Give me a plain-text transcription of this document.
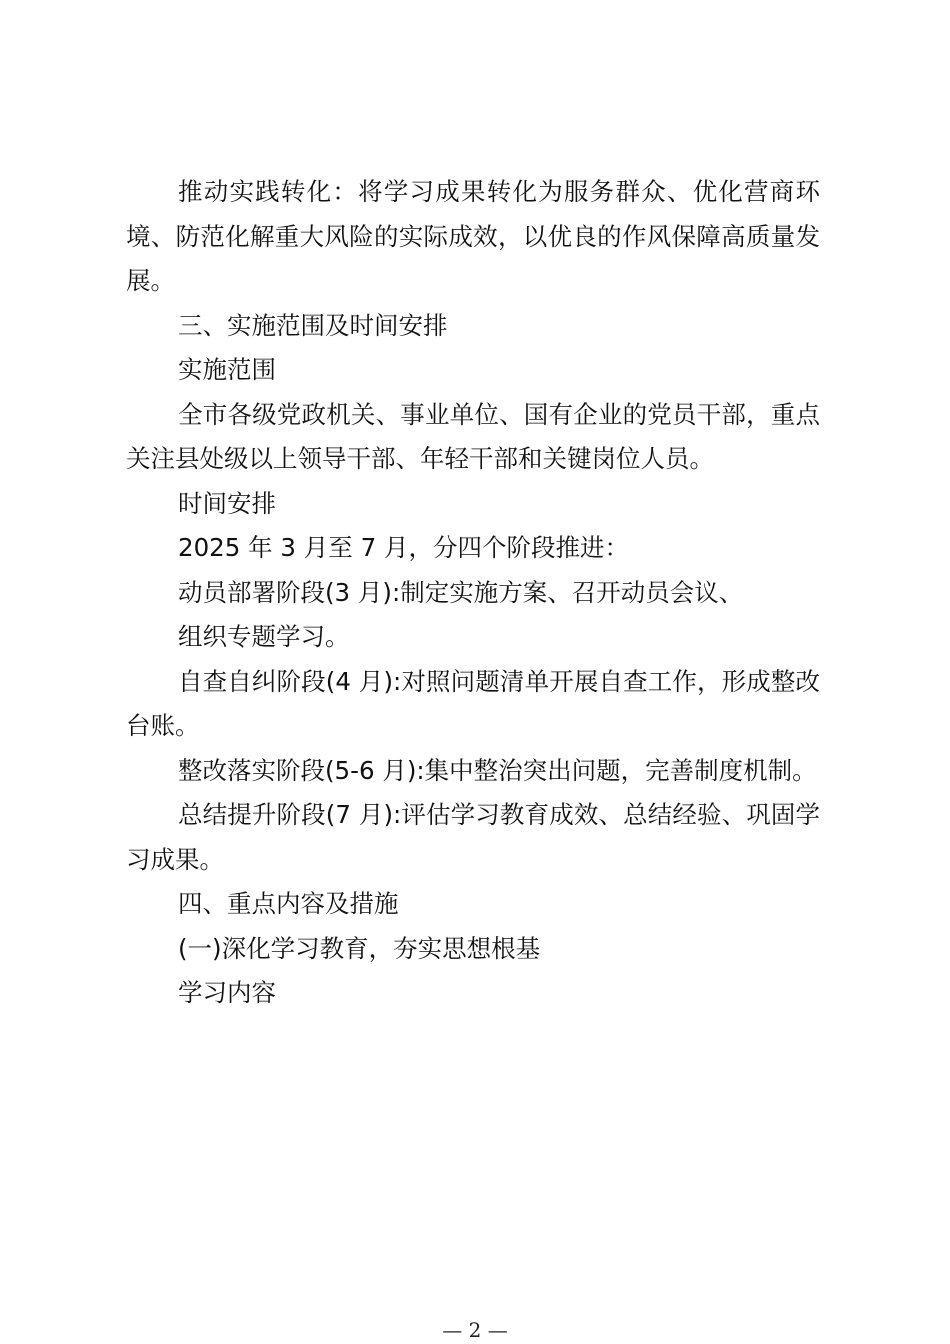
推动实践转化：将学习成果转化为服务群众、优化营商环境、防范化解重大风险的实际成效，以优良的作风保障高质量发展。

三、实施范围及时间安排

实施范围

全市各级党政机关、事业单位、国有企业的党员干部，重点关注县处级以上领导干部、年轻干部和关键岗位人员。

时间安排

2025 年 3 月至 7 月，分四个阶段推进：

动员部署阶段(3 月):制定实施方案、召开动员会议、

组织专题学习。

自查自纠阶段(4 月):对照问题清单开展自查工作，形成整改台账。

整改落实阶段(5-6 月):集中整治突出问题，完善制度机制。

总结提升阶段(7 月):评估学习教育成效、总结经验、巩固学习成果。

四、重点内容及措施

(一)深化学习教育，夯实思想根基

学习内容

— 2 —
